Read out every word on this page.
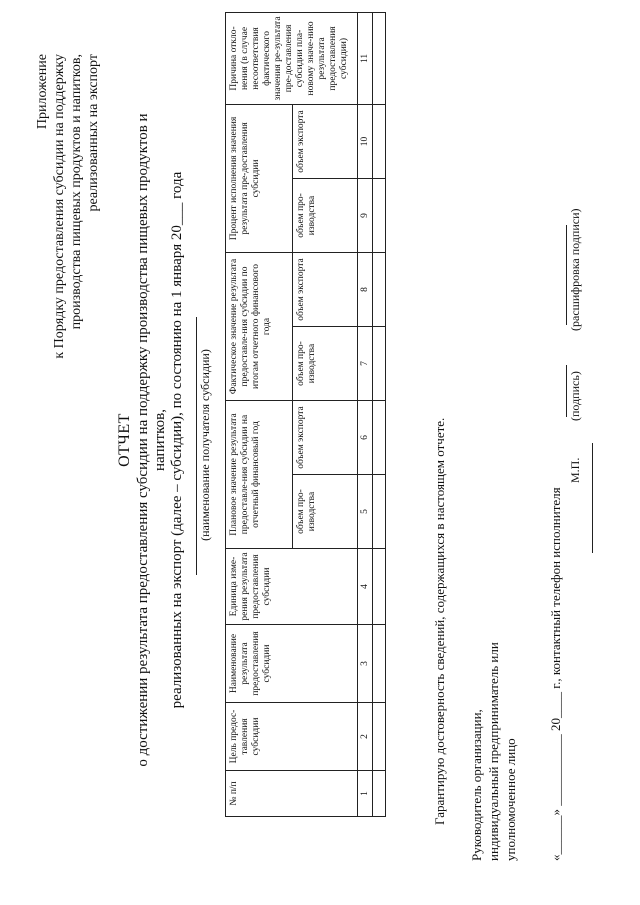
Приложение к Порядку предоставления субсидии на поддержку производства пищевых продуктов и напитков, реализованных на экспорт
ОТЧЕТ о достижении результата предоставления субсидии на поддержку производства пищевых продуктов и напитков, реализованных на экспорт (далее – субсидии), по состоянию на 1 января 20___ года (наименование получателя субсидии)
№ п/п	Цель предос-тавления субсидии	Наименование результата предоставления субсидии	Единица изме-рения результата предоставления субсидии	Плановое значение результата предоставле-ния субсидии на отчетный финансовый год		Фактическое значение результата предоставле-ния субсидии по итогам отчетного финансового года		Процент исполнения значения результата пре-доставления субсидии		Причина откло-нения (в случае несоответствия фактического значения ре-зультата пре-доставления субсидии пла-новому значе-нию результата предоставления субсидии)
				объем про-изводства	объем экспорта	объем про-изводства	объем экспорта	объем про-изводства	объем экспорта	
1	2	3	4	5	6	7	8	9	10	11

Гарантирую достоверность сведений, содержащихся в настоящем отчете. Руководитель организации, индивидуальный предприниматель или уполномоченное лицо «______» ___________ 20____ г., контактный телефон исполнителя
М.П.
(подпись)
(расшифровка подписи)
